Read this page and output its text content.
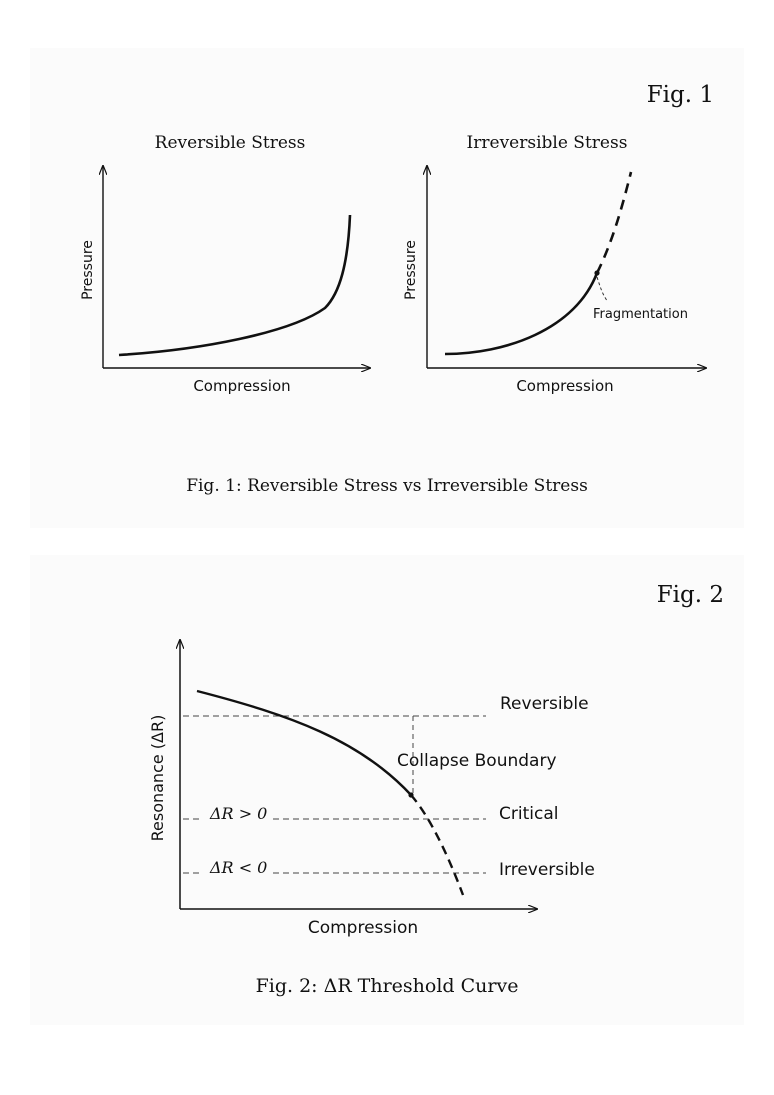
Fig. 1
Reversible Stress
Compression
Pressure
Irreversible Stress
Fragmentation
Compression
Pressure
Fig. 1: Reversible Stress vs Irreversible Stress
Fig. 2
Reversible
Collapse Boundary
Critical
Irreversible
ΔR > 0
ΔR < 0
Compression
Resonance (ΔR)
Fig. 2: ΔR Threshold Curve
